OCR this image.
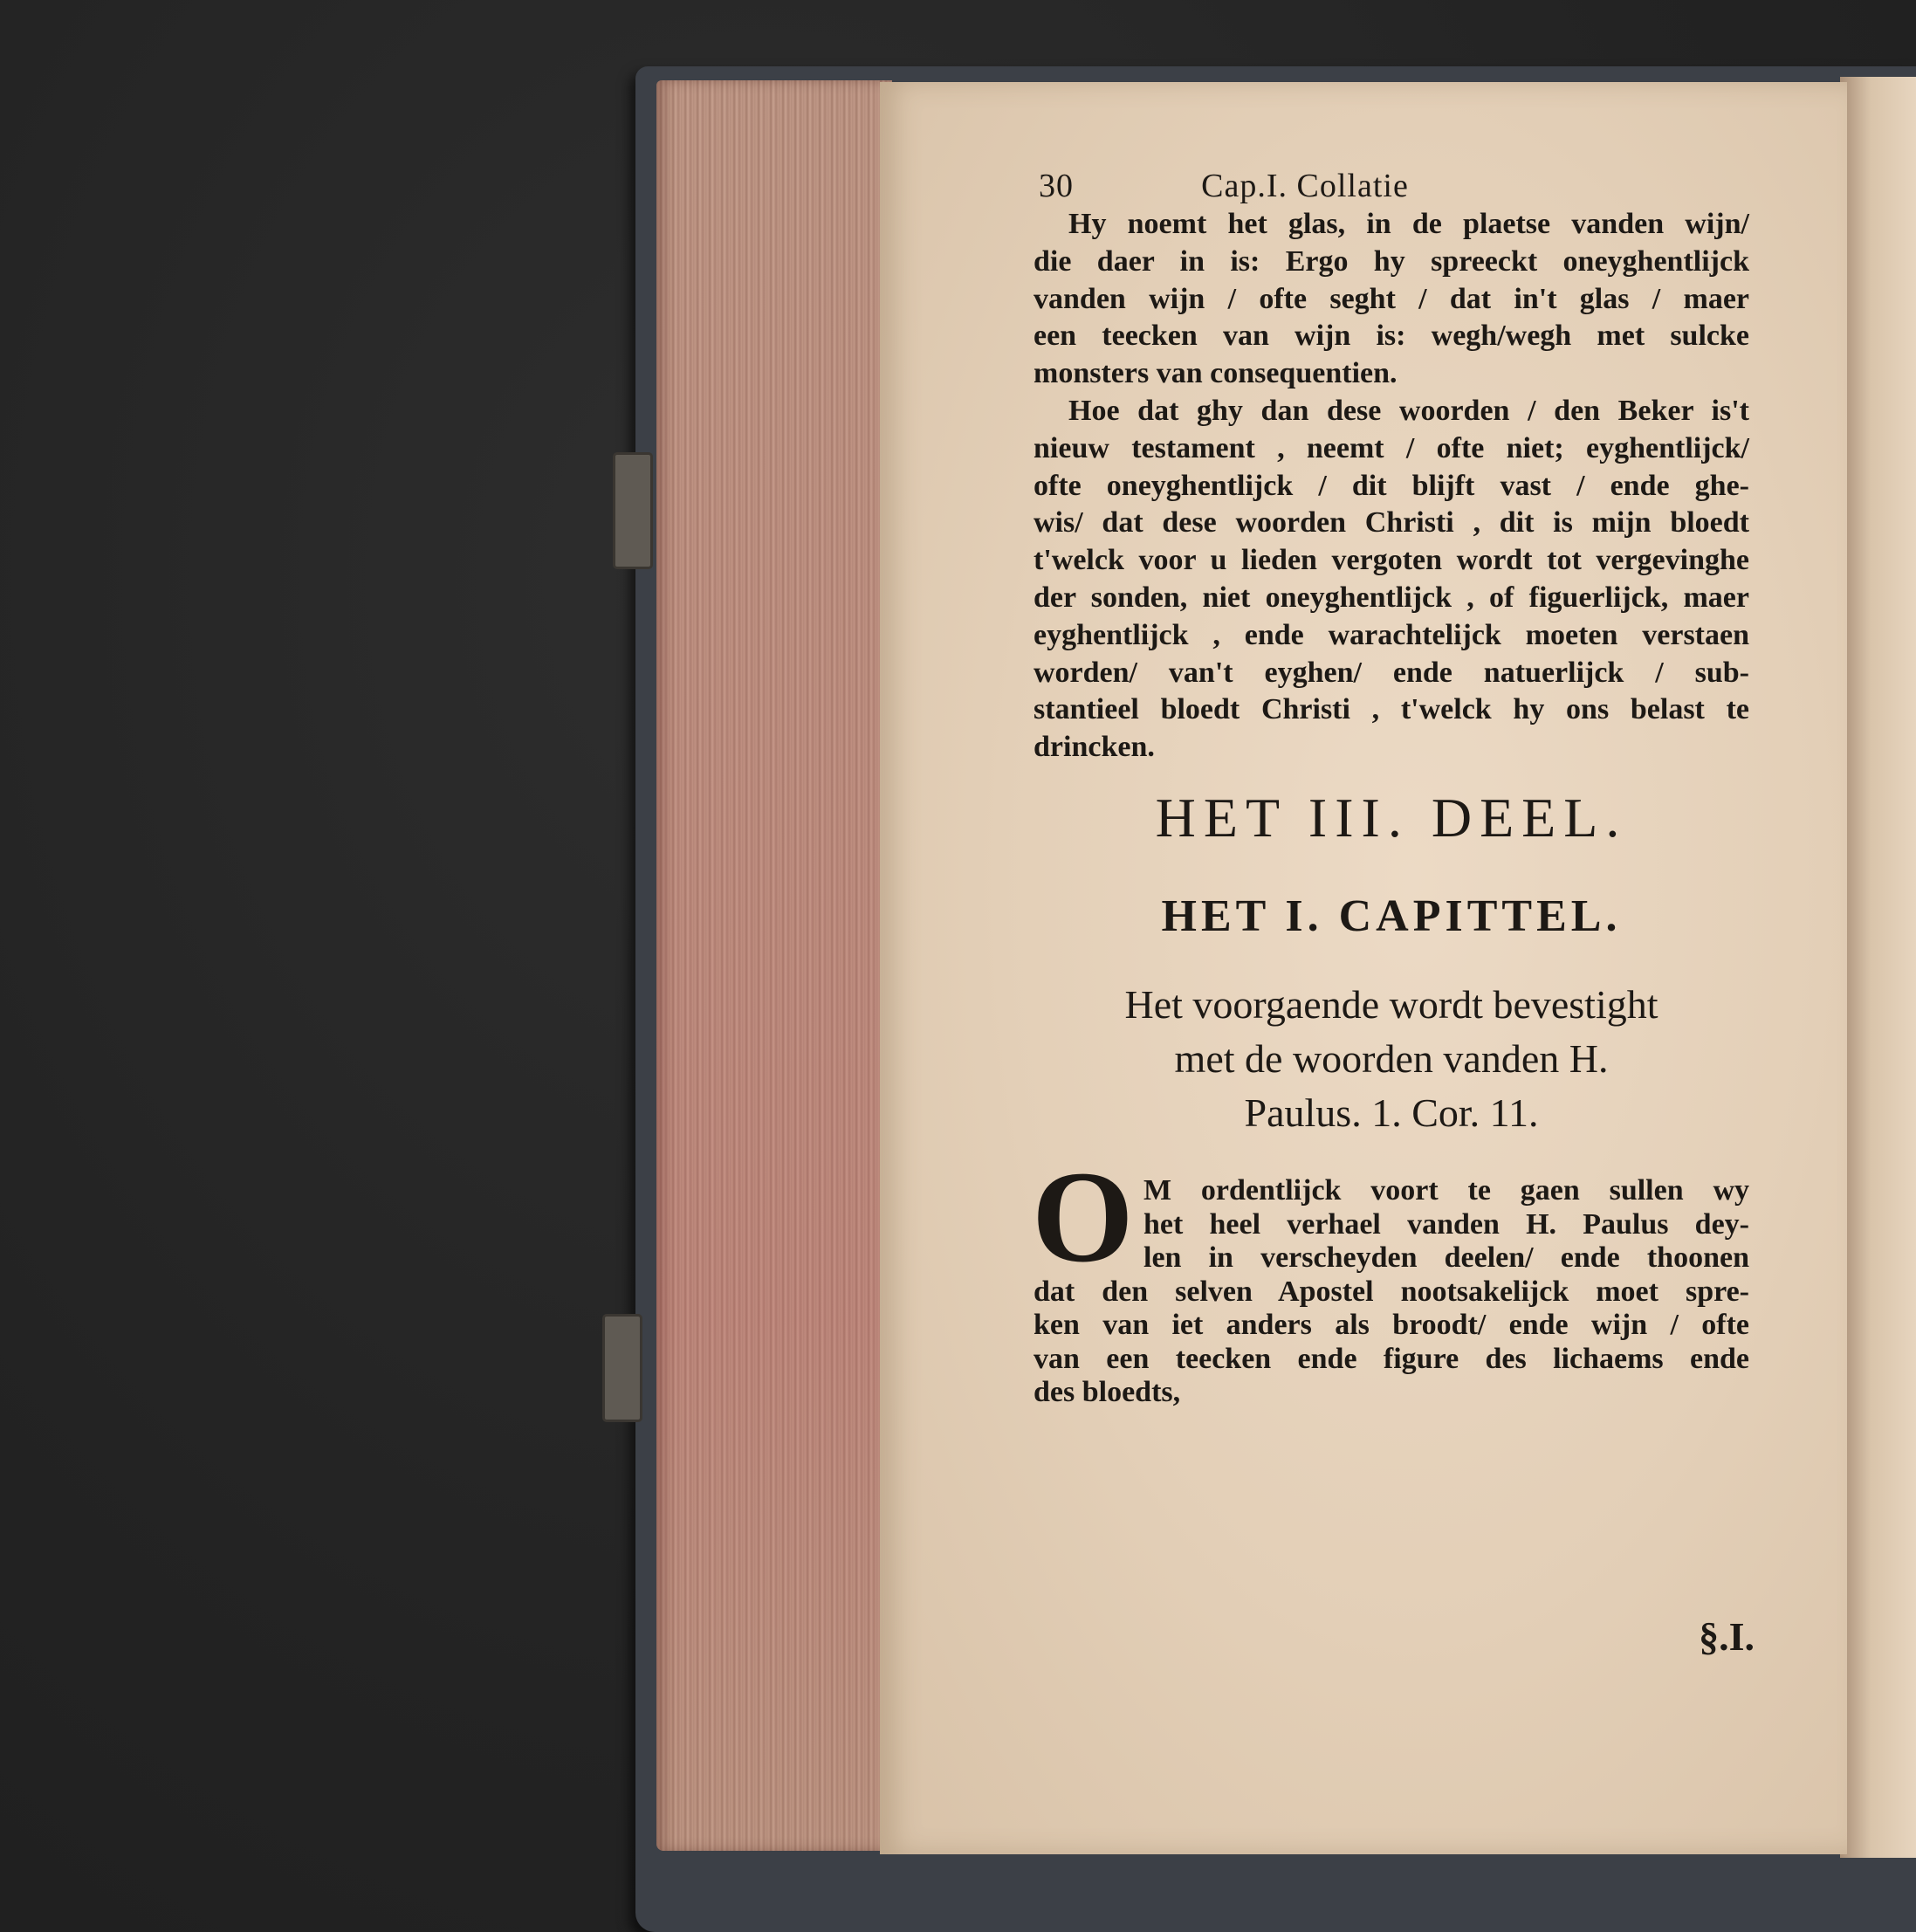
30	Cap.I. Collatie
Hy noemt het glas, in de plaetse vanden wijn/
die daer in is: Ergo hy spreeckt oneyghentlijck
vanden wijn / ofte seght / dat in't glas / maer
een teecken van wijn is: wegh/wegh met sulcke
monsters van consequentien.
Hoe dat ghy dan dese woorden / den Beker is't
nieuw testament , neemt / ofte niet; eyghentlijck/
ofte oneyghentlijck / dit blijft vast / ende ghe-
wis/ dat dese woorden Christi , dit is mijn bloedt
t'welck voor u lieden vergoten wordt tot vergevinghe
der sonden, niet oneyghentlijck , of figuerlijck, maer
eyghentlijck , ende warachtelijck moeten verstaen
worden/ van't eyghen/ ende natuerlijck / sub-
stantieel bloedt Christi , t'welck hy ons belast te
drincken.
HET III. DEEL.
HET I. CAPITTEL.
Het voorgaende wordt bevestight
met de woorden vanden H.
Paulus. 1. Cor. 11.
O M ordentlijck voort te gaen sullen wy
het heel verhael vanden H. Paulus dey-
len in verscheyden deelen/ ende thoonen
dat den selven Apostel nootsakelijck moet spre-
ken van iet anders als broodt/ ende wijn / ofte
van een teecken ende figure des lichaems ende
des bloedts,
§.I.
